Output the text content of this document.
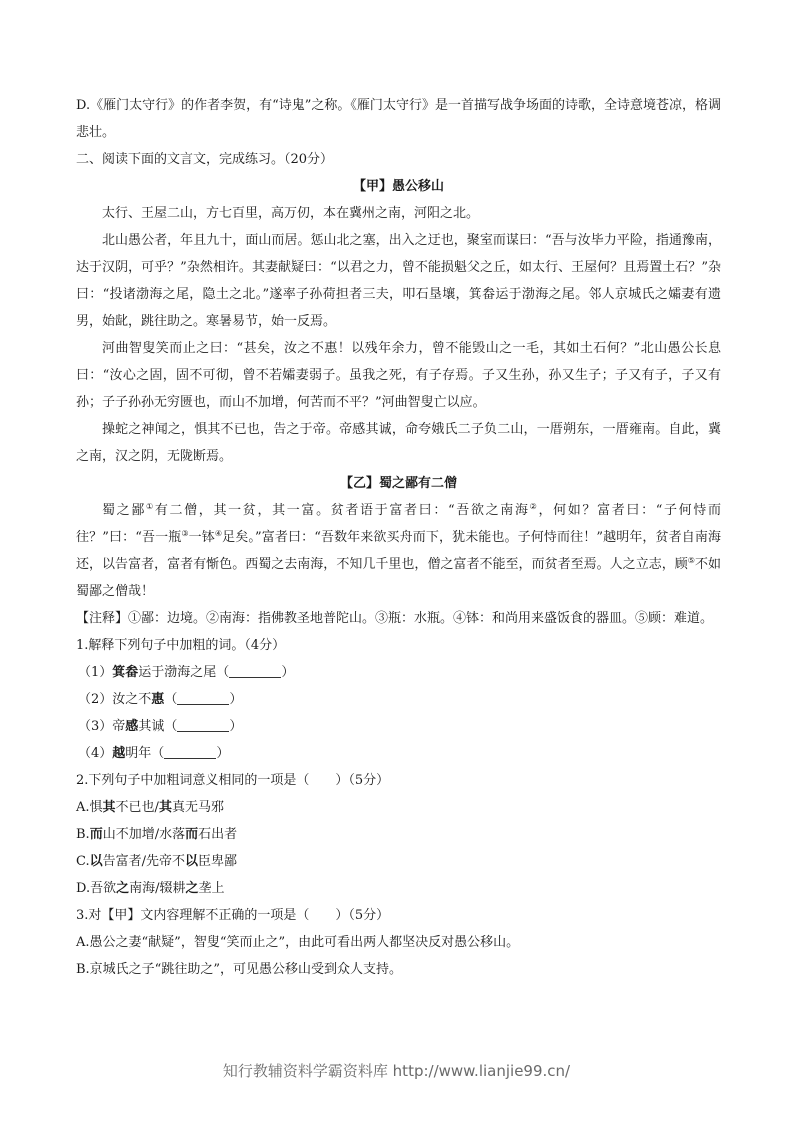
D.《雁门太守行》的作者李贺，有“诗鬼”之称。《雁门太守行》是一首描写战争场面的诗歌，全诗意境苍凉，格调悲壮。

二、阅读下面的文言文，完成练习。（20分）

【甲】愚公移山

太行、王屋二山，方七百里，高万仞，本在冀州之南，河阳之北。

北山愚公者，年且九十，面山而居。惩山北之塞，出入之迂也，聚室而谋曰：“吾与汝毕力平险，指通豫南，达于汉阴，可乎？”杂然相许。其妻献疑曰：“以君之力，曾不能损魁父之丘，如太行、王屋何？且焉置土石？”杂曰：“投诸渤海之尾，隐土之北。”遂率子孙荷担者三夫，叩石垦壤，箕畚运于渤海之尾。邻人京城氏之孀妻有遗男，始龀，跳往助之。寒暑易节，始一反焉。

河曲智叟笑而止之曰：“甚矣，汝之不惠！以残年余力，曾不能毁山之一毛，其如土石何？”北山愚公长息曰：“汝心之固，固不可彻，曾不若孀妻弱子。虽我之死，有子存焉。子又生孙，孙又生子；子又有子，子又有孙；子子孙孙无穷匮也，而山不加增，何苦而不平？”河曲智叟亡以应。

操蛇之神闻之，惧其不已也，告之于帝。帝感其诚，命夸娥氏二子负二山，一厝朔东，一厝雍南。自此，冀之南，汉之阴，无陇断焉。

【乙】蜀之鄙有二僧

蜀之鄙①有二僧，其一贫，其一富。贫者语于富者曰：“吾欲之南海②，何如？富者曰：“子何恃而往？”曰：“吾一瓶③一钵④足矣。”富者曰：“吾数年来欲买舟而下，犹未能也。子何恃而往！”越明年，贫者自南海还，以告富者，富者有惭色。西蜀之去南海，不知几千里也，僧之富者不能至，而贫者至焉。人之立志，顾⑤不如蜀鄙之僧哉！

【注释】①鄙：边境。②南海：指佛教圣地普陀山。③瓶：水瓶。④钵：和尚用来盛饭食的器皿。⑤顾：难道。

1.解释下列句子中加粗的词。（4分）

（1）箕畚运于渤海之尾（	）

（2）汝之不惠（	）

（3）帝感其诚（	）

（4）越明年（	）

2.下列句子中加粗词意义相同的一项是（　　）（5分）

A.惧其不已也/其真无马邪

B.而山不加增/水落而石出者

C.以告富者/先帝不以臣卑鄙

D.吾欲之南海/辍耕之垄上

3.对【甲】文内容理解不正确的一项是（　　）（5分）

A.愚公之妻“献疑”，智叟“笑而止之”，由此可看出两人都坚决反对愚公移山。

B.京城氏之子“跳往助之”，可见愚公移山受到众人支持。

知行教辅资料学霸资料库 http://www.lianjie99.cn/
